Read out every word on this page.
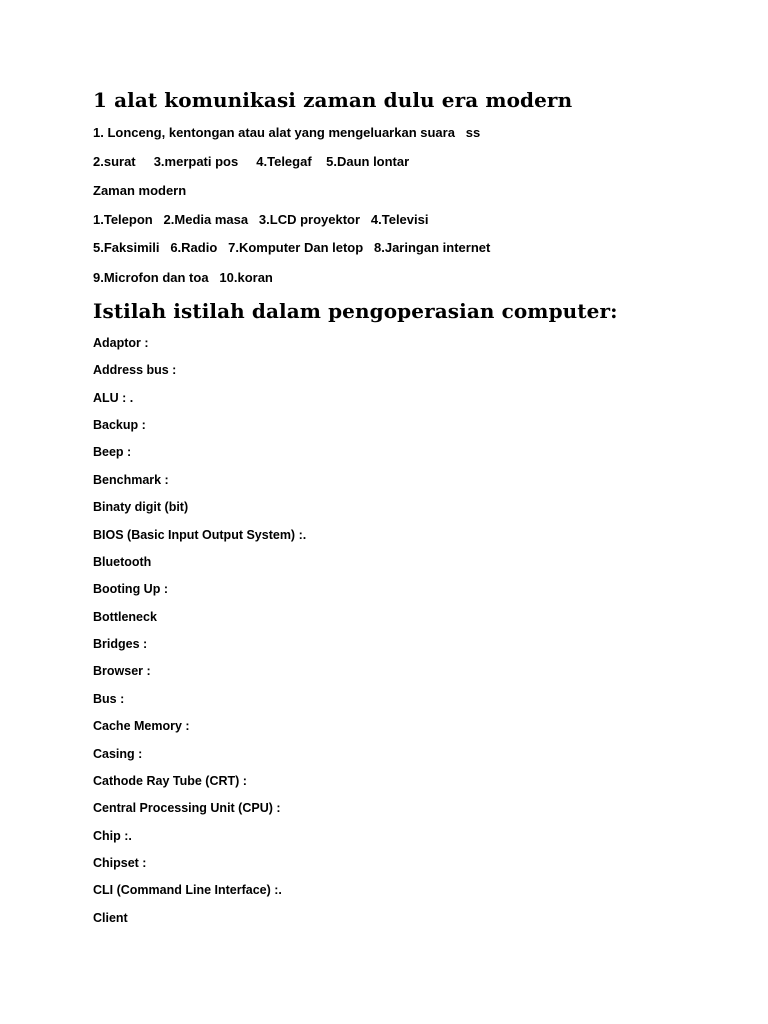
1 alat komunikasi zaman dulu era modern

1. Lonceng, kentongan atau alat yang mengeluarkan suara   ss

2.surat     3.merpati pos     4.Telegaf    5.Daun lontar

Zaman modern

1.Telepon   2.Media masa   3.LCD proyektor   4.Televisi

5.Faksimili   6.Radio   7.Komputer Dan letop   8.Jaringan internet

9.Microfon dan toa   10.koran

Istilah istilah dalam pengoperasian computer:

Adaptor :

Address bus :

ALU : .

Backup :

Beep :

Benchmark :

Binaty digit (bit)

BIOS (Basic Input Output System) :.

Bluetooth

Booting Up :

Bottleneck

Bridges :

Browser :

Bus :

Cache Memory :

Casing :

Cathode Ray Tube (CRT) :

Central Processing Unit (CPU) :

Chip :.

Chipset :

CLI (Command Line Interface) :.

Client
